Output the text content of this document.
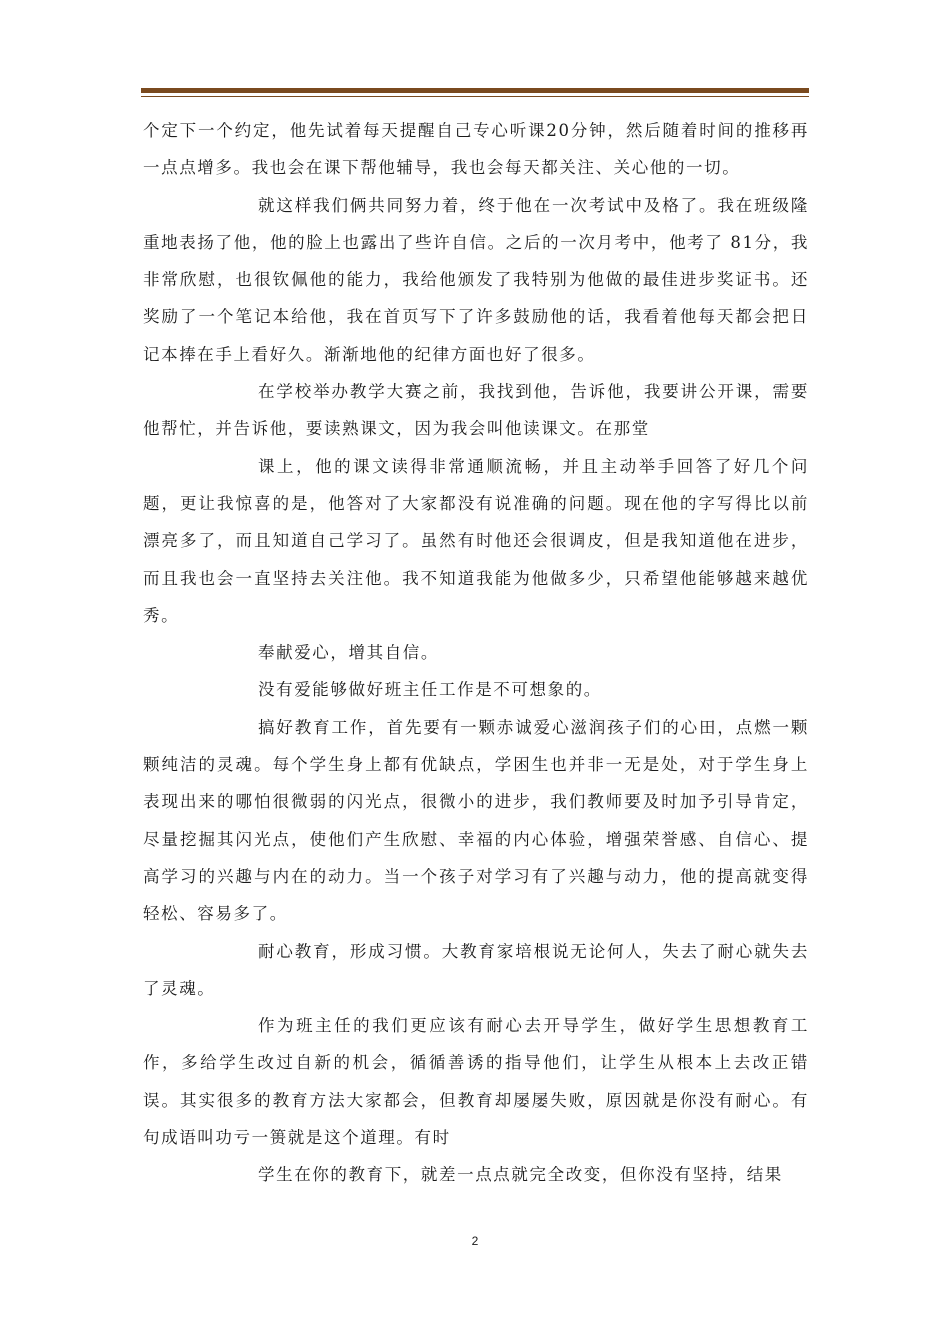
个定下一个约定，他先试着每天提醒自己专心听课20分钟，然后随着时间的推移再一点点增多。我也会在课下帮他辅导，我也会每天都关注、关心他的一切。

就这样我们俩共同努力着，终于他在一次考试中及格了。我在班级隆重地表扬了他，他的脸上也露出了些许自信。之后的一次月考中，他考了 81分，我非常欣慰，也很钦佩他的能力，我给他颁发了我特别为他做的最佳进步奖证书。还奖励了一个笔记本给他，我在首页写下了许多鼓励他的话，我看着他每天都会把日记本捧在手上看好久。渐渐地他的纪律方面也好了很多。

在学校举办教学大赛之前，我找到他，告诉他，我要讲公开课，需要他帮忙，并告诉他，要读熟课文，因为我会叫他读课文。在那堂

课上，他的课文读得非常通顺流畅，并且主动举手回答了好几个问题，更让我惊喜的是，他答对了大家都没有说准确的问题。现在他的字写得比以前漂亮多了，而且知道自己学习了。虽然有时他还会很调皮，但是我知道他在进步，而且我也会一直坚持去关注他。我不知道我能为他做多少，只希望他能够越来越优秀。

奉献爱心，增其自信。

没有爱能够做好班主任工作是不可想象的。

搞好教育工作，首先要有一颗赤诚爱心滋润孩子们的心田，点燃一颗颗纯洁的灵魂。每个学生身上都有优缺点，学困生也并非一无是处，对于学生身上表现出来的哪怕很微弱的闪光点，很微小的进步，我们教师要及时加予引导肯定，尽量挖掘其闪光点，使他们产生欣慰、幸福的内心体验，增强荣誉感、自信心、提高学习的兴趣与内在的动力。当一个孩子对学习有了兴趣与动力，他的提高就变得轻松、容易多了。

耐心教育，形成习惯。大教育家培根说无论何人，失去了耐心就失去了灵魂。

作为班主任的我们更应该有耐心去开导学生，做好学生思想教育工作，多给学生改过自新的机会，循循善诱的指导他们，让学生从根本上去改正错误。其实很多的教育方法大家都会，但教育却屡屡失败，原因就是你没有耐心。有句成语叫功亏一篑就是这个道理。有时

学生在你的教育下，就差一点点就完全改变，但你没有坚持，结果

2
